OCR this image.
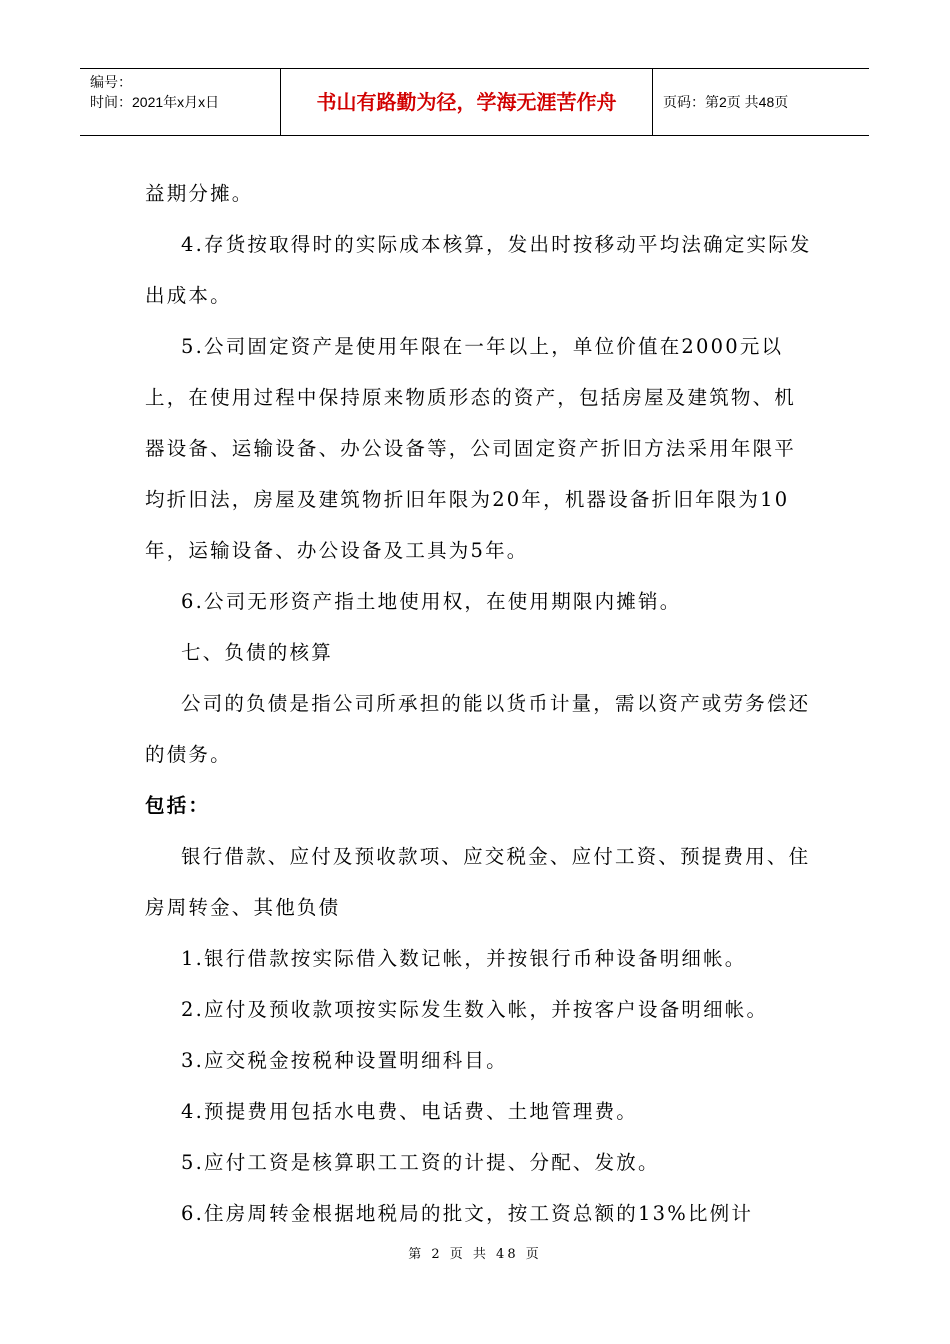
编号：
时间：2021年x月x日	书山有路勤为径，学海无涯苦作舟	页码：第2页 共48页

益期分摊。

4.存货按取得时的实际成本核算，发出时按移动平均法确定实际发出成本。

5.公司固定资产是使用年限在一年以上，单位价值在2000元以上，在使用过程中保持原来物质形态的资产，包括房屋及建筑物、机器设备、运输设备、办公设备等，公司固定资产折旧方法采用年限平均折旧法，房屋及建筑物折旧年限为20年，机器设备折旧年限为10年，运输设备、办公设备及工具为5年。

6.公司无形资产指土地使用权，在使用期限内摊销。

七、负债的核算

公司的负债是指公司所承担的能以货币计量，需以资产或劳务偿还的债务。

包括：

银行借款、应付及预收款项、应交税金、应付工资、预提费用、住房周转金、其他负债

1.银行借款按实际借入数记帐，并按银行币种设备明细帐。

2.应付及预收款项按实际发生数入帐，并按客户设备明细帐。

3.应交税金按税种设置明细科目。

4.预提费用包括水电费、电话费、土地管理费。

5.应付工资是核算职工工资的计提、分配、发放。

6.住房周转金根据地税局的批文，按工资总额的13%比例计

第 2 页 共 48 页
